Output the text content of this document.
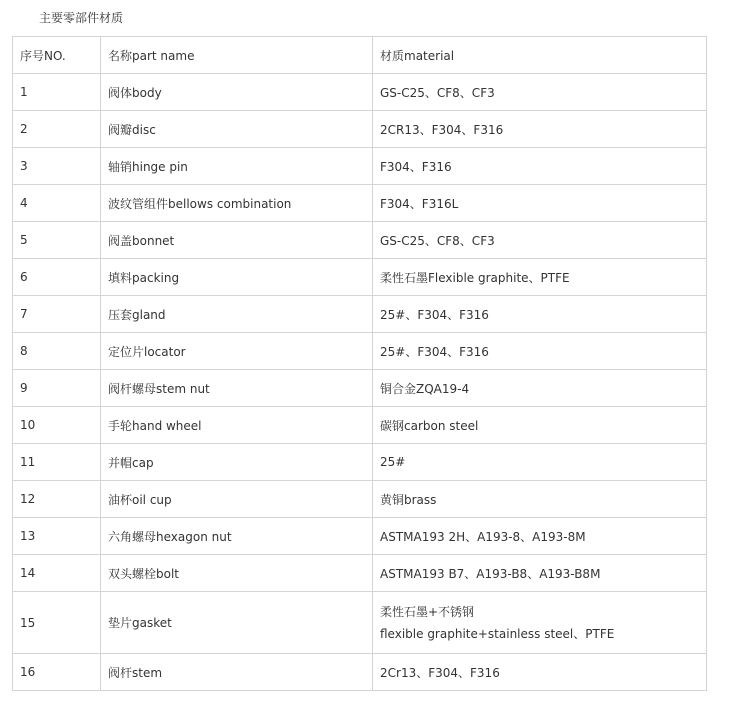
主要零部件材质
序号NO.	名称part name	材质material
1	阀体body	GS-C25、CF8、CF3
2	阀瓣disc	2CR13、F304、F316
3	轴销hinge pin	F304、F316
4	波纹管组件bellows combination	F304、F316L
5	阀盖bonnet	GS-C25、CF8、CF3
6	填料packing	柔性石墨Flexible graphite、PTFE
7	压套gland	25#、F304、F316
8	定位片locator	25#、F304、F316
9	阀杆螺母stem nut	铜合金ZQA19-4
10	手轮hand wheel	碳钢carbon steel
11	并帽cap	25#
12	油杯oil cup	黄铜brass
13	六角螺母hexagon nut	ASTMA193 2H、A193-8、A193-8M
14	双头螺栓bolt	ASTMA193 B7、A193-B8、A193-B8M
15	垫片gasket	柔性石墨+不锈钢
flexible graphite+stainless steel、PTFE

16	阀杆stem	2Cr13、F304、F316
